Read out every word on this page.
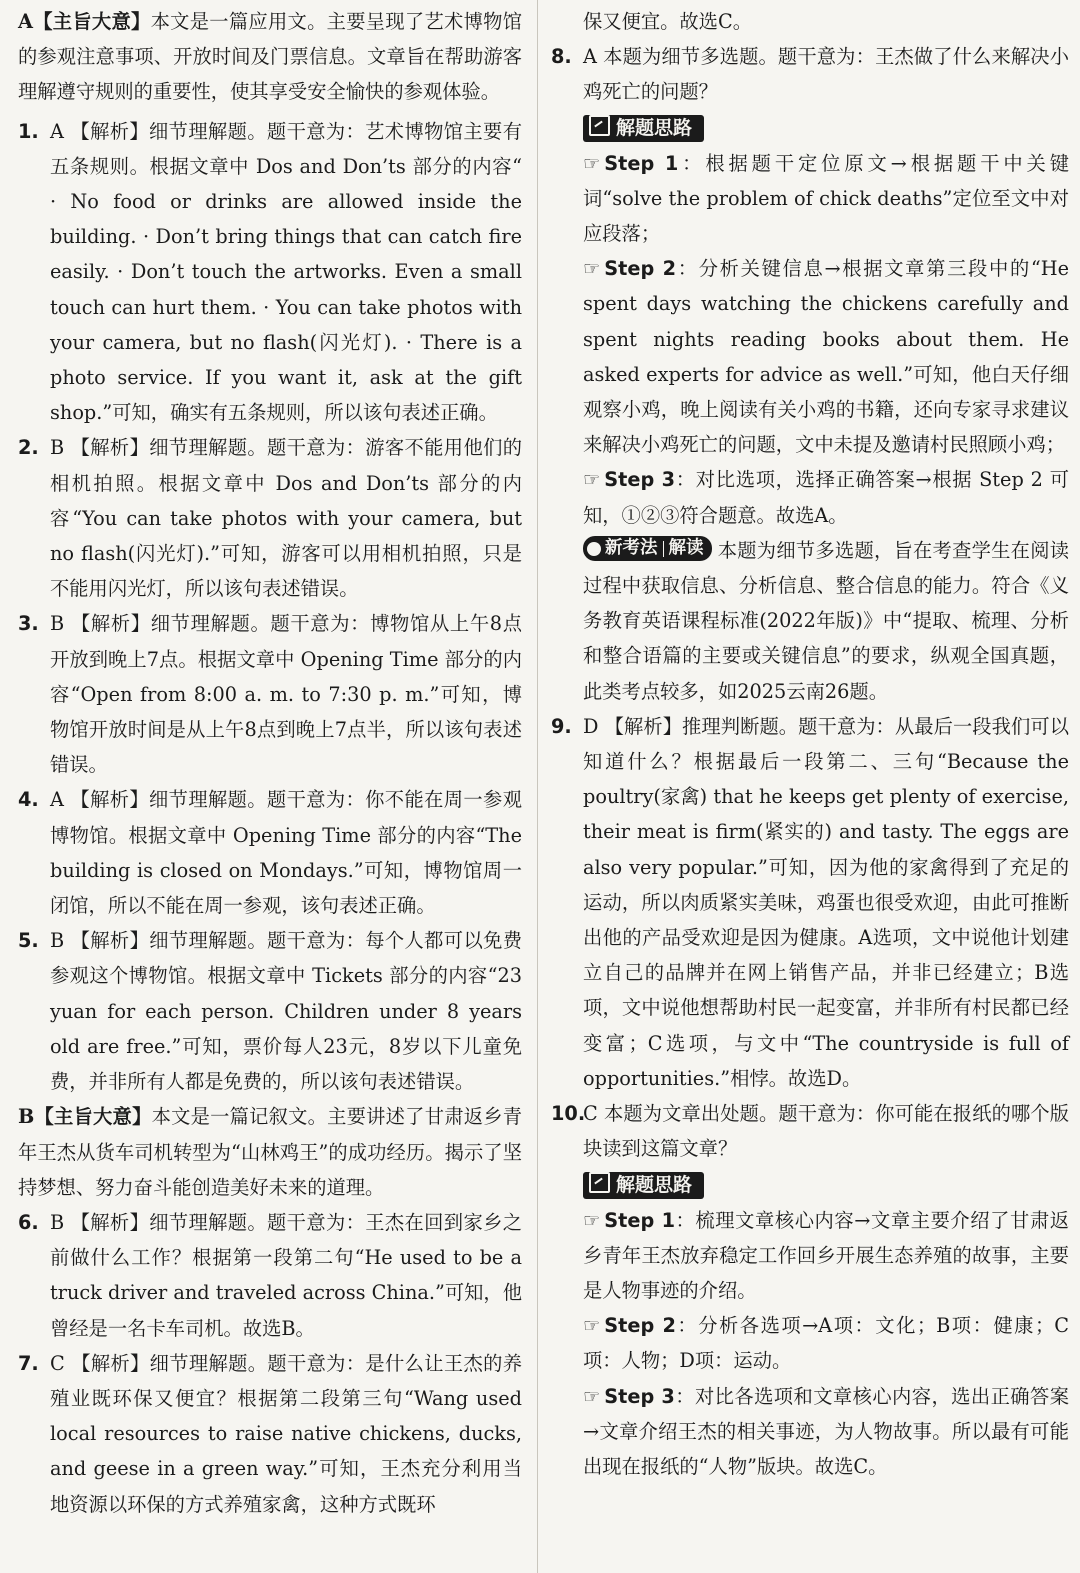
A【主旨大意】本文是一篇应用文。主要呈现了艺术博物馆的参观注意事项、开放时间及门票信息。文章旨在帮助游客理解遵守规则的重要性，使其享受安全愉快的参观体验。

1. A 【解析】细节理解题。题干意为：艺术博物馆主要有五条规则。根据文章中 Dos and Don’ts 部分的内容“ · No food or drinks are allowed inside the building. · Don’t bring things that can catch fire easily. · Don’t touch the artworks. Even a small touch can hurt them. · You can take photos with your camera, but no flash(闪光灯). · There is a photo service. If you want it, ask at the gift shop.”可知，确实有五条规则，所以该句表述正确。
2. B 【解析】细节理解题。题干意为：游客不能用他们的相机拍照。根据文章中 Dos and Don’ts 部分的内容“You can take photos with your camera, but no flash(闪光灯).”可知，游客可以用相机拍照，只是不能用闪光灯，所以该句表述错误。
3. B 【解析】细节理解题。题干意为：博物馆从上午8点开放到晚上7点。根据文章中 Opening Time 部分的内容“Open from 8:00 a. m. to 7:30 p. m.”可知，博物馆开放时间是从上午8点到晚上7点半，所以该句表述错误。
4. A 【解析】细节理解题。题干意为：你不能在周一参观博物馆。根据文章中 Opening Time 部分的内容“The building is closed on Mondays.”可知，博物馆周一闭馆，所以不能在周一参观，该句表述正确。
5. B 【解析】细节理解题。题干意为：每个人都可以免费参观这个博物馆。根据文章中 Tickets 部分的内容“23 yuan for each person. Children under 8 years old are free.”可知，票价每人23元，8岁以下儿童免费，并非所有人都是免费的，所以该句表述错误。

B【主旨大意】本文是一篇记叙文。主要讲述了甘肃返乡青年王杰从货车司机转型为“山林鸡王”的成功经历。揭示了坚持梦想、努力奋斗能创造美好未来的道理。

6. B 【解析】细节理解题。题干意为：王杰在回到家乡之前做什么工作？根据第一段第二句“He used to be a truck driver and traveled across China.”可知，他曾经是一名卡车司机。故选B。
7. C 【解析】细节理解题。题干意为：是什么让王杰的养殖业既环保又便宜？根据第二段第三句“Wang used local resources to raise native chickens, ducks, and geese in a green way.”可知，王杰充分利用当地资源以环保的方式养殖家禽，这种方式既环

保又便宜。故选C。

8. A 本题为细节多选题。题干意为：王杰做了什么来解决小鸡死亡的问题？
解题思路
☞ Step 1：根据题干定位原文→根据题干中关键词“solve the problem of chick deaths”定位至文中对应段落；
☞ Step 2：分析关键信息→根据文章第三段中的“He spent days watching the chickens carefully and spent nights reading books about them. He asked experts for advice as well.”可知，他白天仔细观察小鸡，晚上阅读有关小鸡的书籍，还向专家寻求建议来解决小鸡死亡的问题，文中未提及邀请村民照顾小鸡；
☞ Step 3：对比选项，选择正确答案→根据 Step 2 可知，①②③符合题意。故选A。
新考法 解读 本题为细节多选题，旨在考查学生在阅读过程中获取信息、分析信息、整合信息的能力。符合《义务教育英语课程标准(2022年版)》中“提取、梳理、分析和整合语篇的主要或关键信息”的要求，纵观全国真题，此类考点较多，如2025云南26题。
9. D 【解析】推理判断题。题干意为：从最后一段我们可以知道什么？根据最后一段第二、三句“Because the poultry(家禽) that he keeps get plenty of exercise, their meat is firm(紧实的) and tasty. The eggs are also very popular.”可知，因为他的家禽得到了充足的运动，所以肉质紧实美味，鸡蛋也很受欢迎，由此可推断出他的产品受欢迎是因为健康。A选项，文中说他计划建立自己的品牌并在网上销售产品，并非已经建立；B选项，文中说他想帮助村民一起变富，并非所有村民都已经变富；C选项，与文中“The countryside is full of opportunities.”相悖。故选D。
10.
C 本题为文章出处题。题干意为：你可能在报纸的哪个版块读到这篇文章？
解题思路
☞ Step 1：梳理文章核心内容→文章主要介绍了甘肃返乡青年王杰放弃稳定工作回乡开展生态养殖的故事，主要是人物事迹的介绍。
☞ Step 2：分析各选项→A项：文化；B项：健康；C项：人物；D项：运动。
☞ Step 3：对比各选项和文章核心内容，选出正确答案→文章介绍王杰的相关事迹，为人物故事。所以最有可能出现在报纸的“人物”版块。故选C。
